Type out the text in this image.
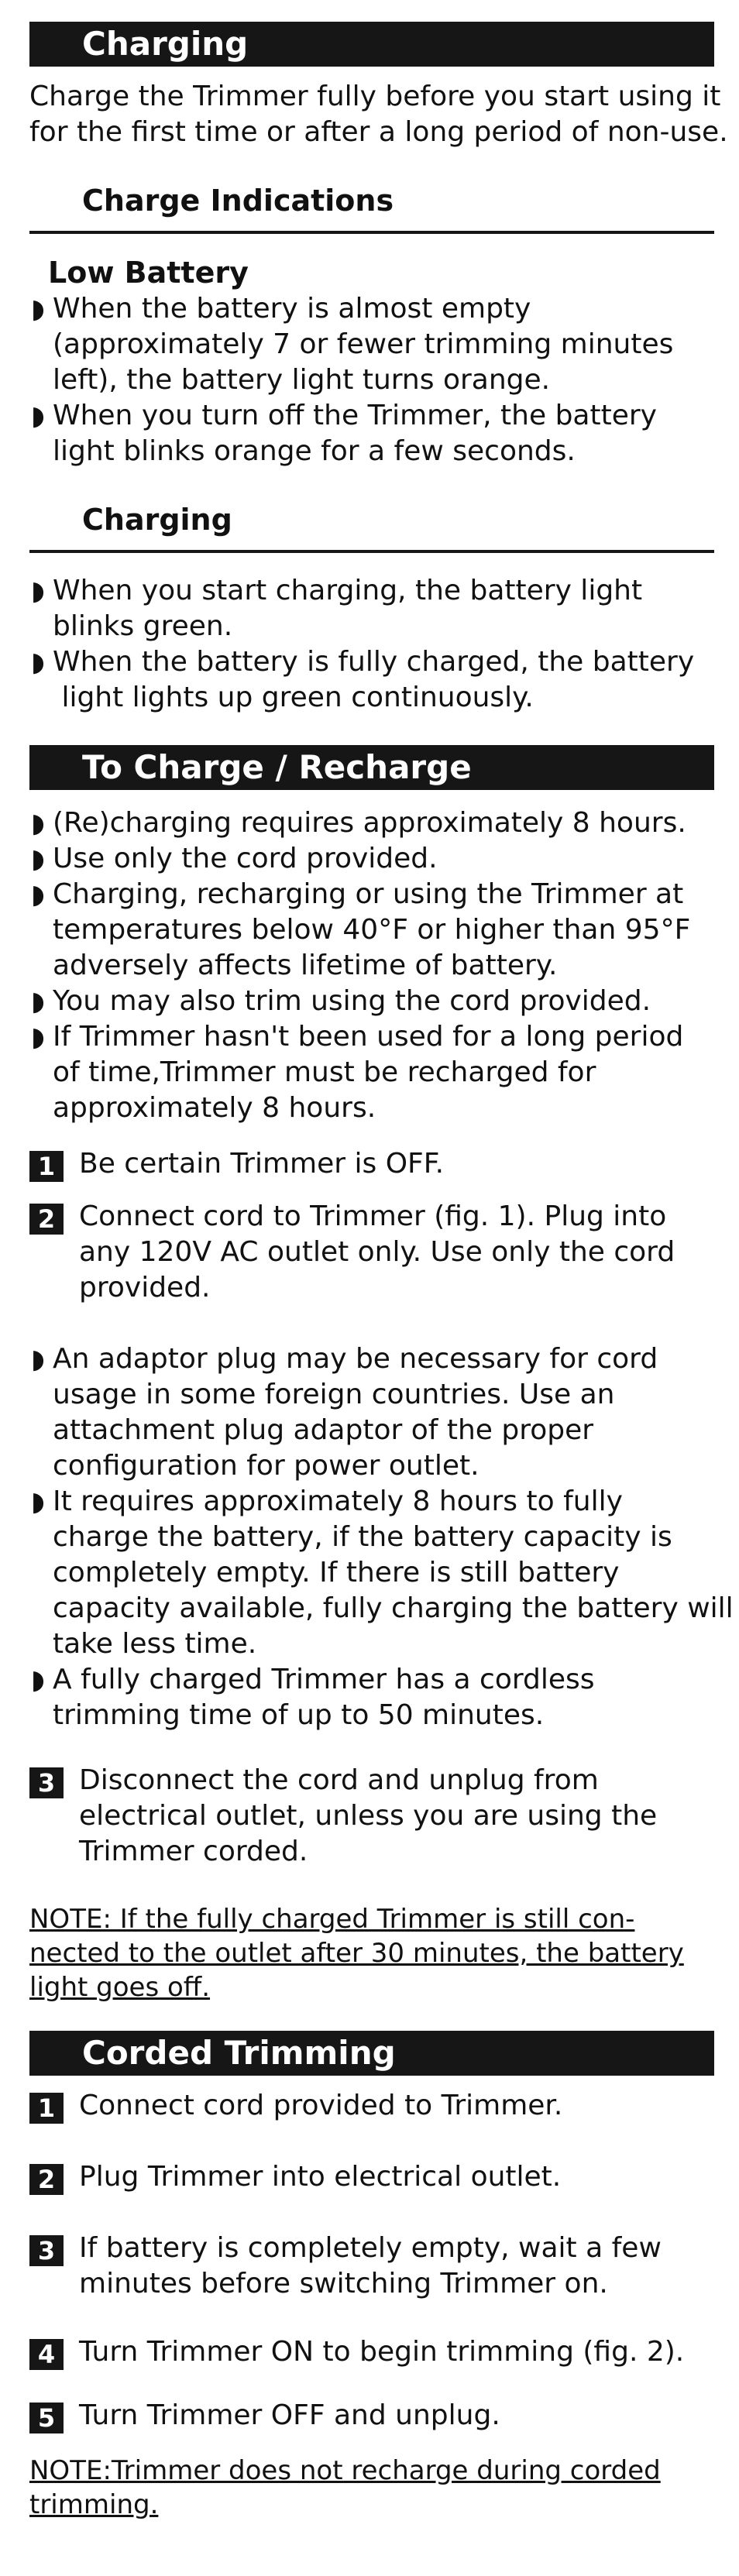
Charging
Charge the Trimmer fully before you start using it
for the first time or after a long period of non-use.
Charge Indications
Low Battery
◗ When the battery is almost empty
(approximately 7 or fewer trimming minutes
left), the battery light turns orange.
◗ When you turn off the Trimmer, the battery
light blinks orange for a few seconds.
Charging
◗ When you start charging, the battery light
blinks green.
◗ When the battery is fully charged, the battery
light lights up green continuously.
To Charge / Recharge
◗ (Re)charging requires approximately 8 hours.
◗ Use only the cord provided.
◗ Charging, recharging or using the Trimmer at
temperatures below 40°F or higher than 95°F
adversely affects lifetime of battery.
◗ You may also trim using the cord provided.
◗ If Trimmer hasn't been used for a long period
of time,Trimmer must be recharged for
approximately 8 hours.
1 Be certain Trimmer is OFF.
2 Connect cord to Trimmer (fig. 1). Plug into
any 120V AC outlet only. Use only the cord
provided.
◗ An adaptor plug may be necessary for cord
usage in some foreign countries. Use an
attachment plug adaptor of the proper
configuration for power outlet.
◗ It requires approximately 8 hours to fully
charge the battery, if the battery capacity is
completely empty. If there is still battery
capacity available, fully charging the battery will
take less time.
◗ A fully charged Trimmer has a cordless
trimming time of up to 50 minutes.
3 Disconnect the cord and unplug from
electrical outlet, unless you are using the
Trimmer corded.
NOTE: If the fully charged Trimmer is still con-
nected to the outlet after 30 minutes, the battery
light goes off.
Corded Trimming
1 Connect cord provided to Trimmer.
2 Plug Trimmer into electrical outlet.
3 If battery is completely empty, wait a few
minutes before switching Trimmer on.
4 Turn Trimmer ON to begin trimming (fig. 2).
5 Turn Trimmer OFF and unplug.
NOTE:Trimmer does not recharge during corded
trimming.
